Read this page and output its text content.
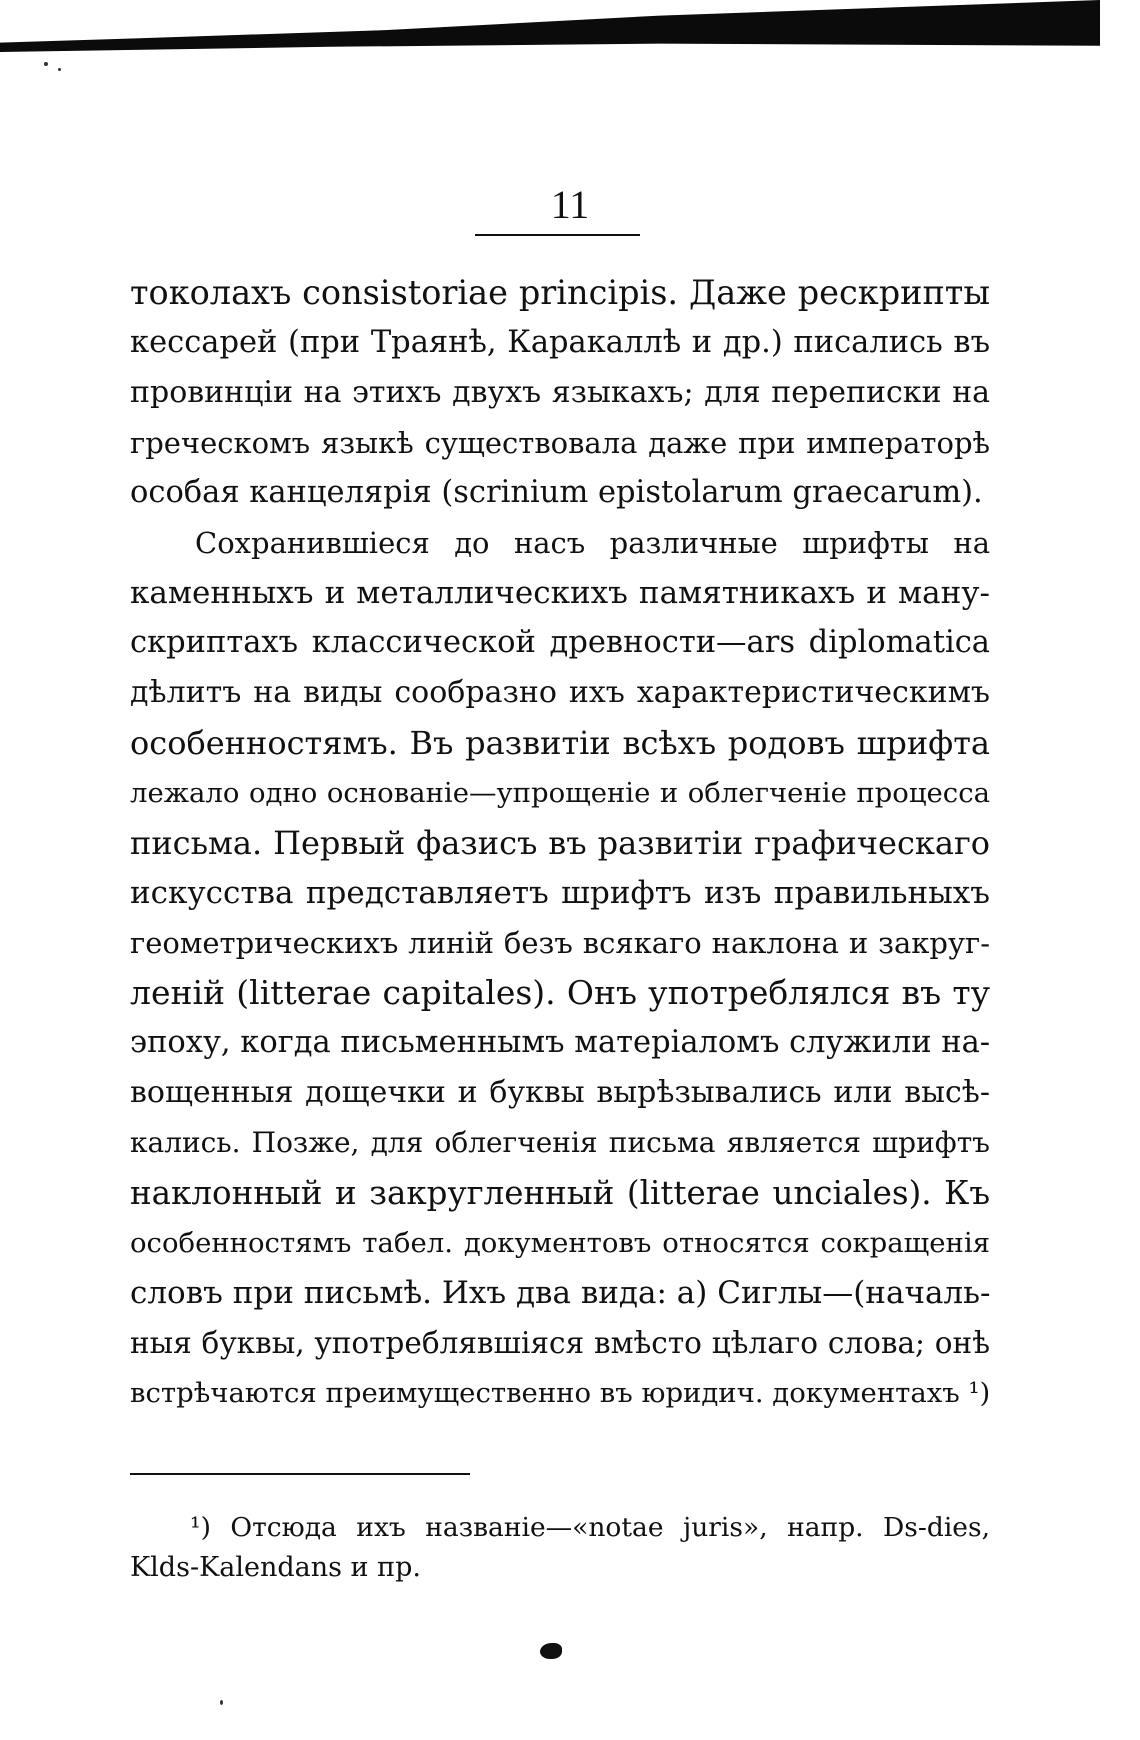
11
токолахъ consistoriae principis. Даже рескрипты
кессарей (при Траянѣ, Каракаллѣ и др.) писались въ
провинціи на этихъ двухъ языкахъ; для переписки на
греческомъ языкѣ существовала даже при императорѣ
особая канцелярія (scrinium epistolarum graecarum).
Сохранившіеся до насъ различные шрифты на
каменныхъ и металлическихъ памятникахъ и ману-
скриптахъ классической древности—ars diplomatica
дѣлитъ на виды сообразно ихъ характеристическимъ
особенностямъ. Въ развитіи всѣхъ родовъ шрифта
лежало одно основаніе—упрощеніе и облегченіе процесса
письма. Первый фазисъ въ развитіи графическаго
искусства представляетъ шрифтъ изъ правильныхъ
геометрическихъ линій безъ всякаго наклона и закруг-
леній (litterae capitales). Онъ употреблялся въ ту
эпоху, когда письменнымъ матеріаломъ служили на-
вощенныя дощечки и буквы вырѣзывались или высѣ-
кались. Позже, для облегченія письма является шрифтъ
наклонный и закругленный (litterae unciales). Къ
особенностямъ табел. документовъ относятся сокращенія
словъ при письмѣ. Ихъ два вида: а) Сиглы—(началь-
ныя буквы, употреблявшіяся вмѣсто цѣлаго слова; онѣ
встрѣчаются преимущественно въ юридич. документахъ ¹)
¹) Отсюда ихъ названіе—«notae juris», напр. Ds-dies,
Klds-Kalendans и пр.
